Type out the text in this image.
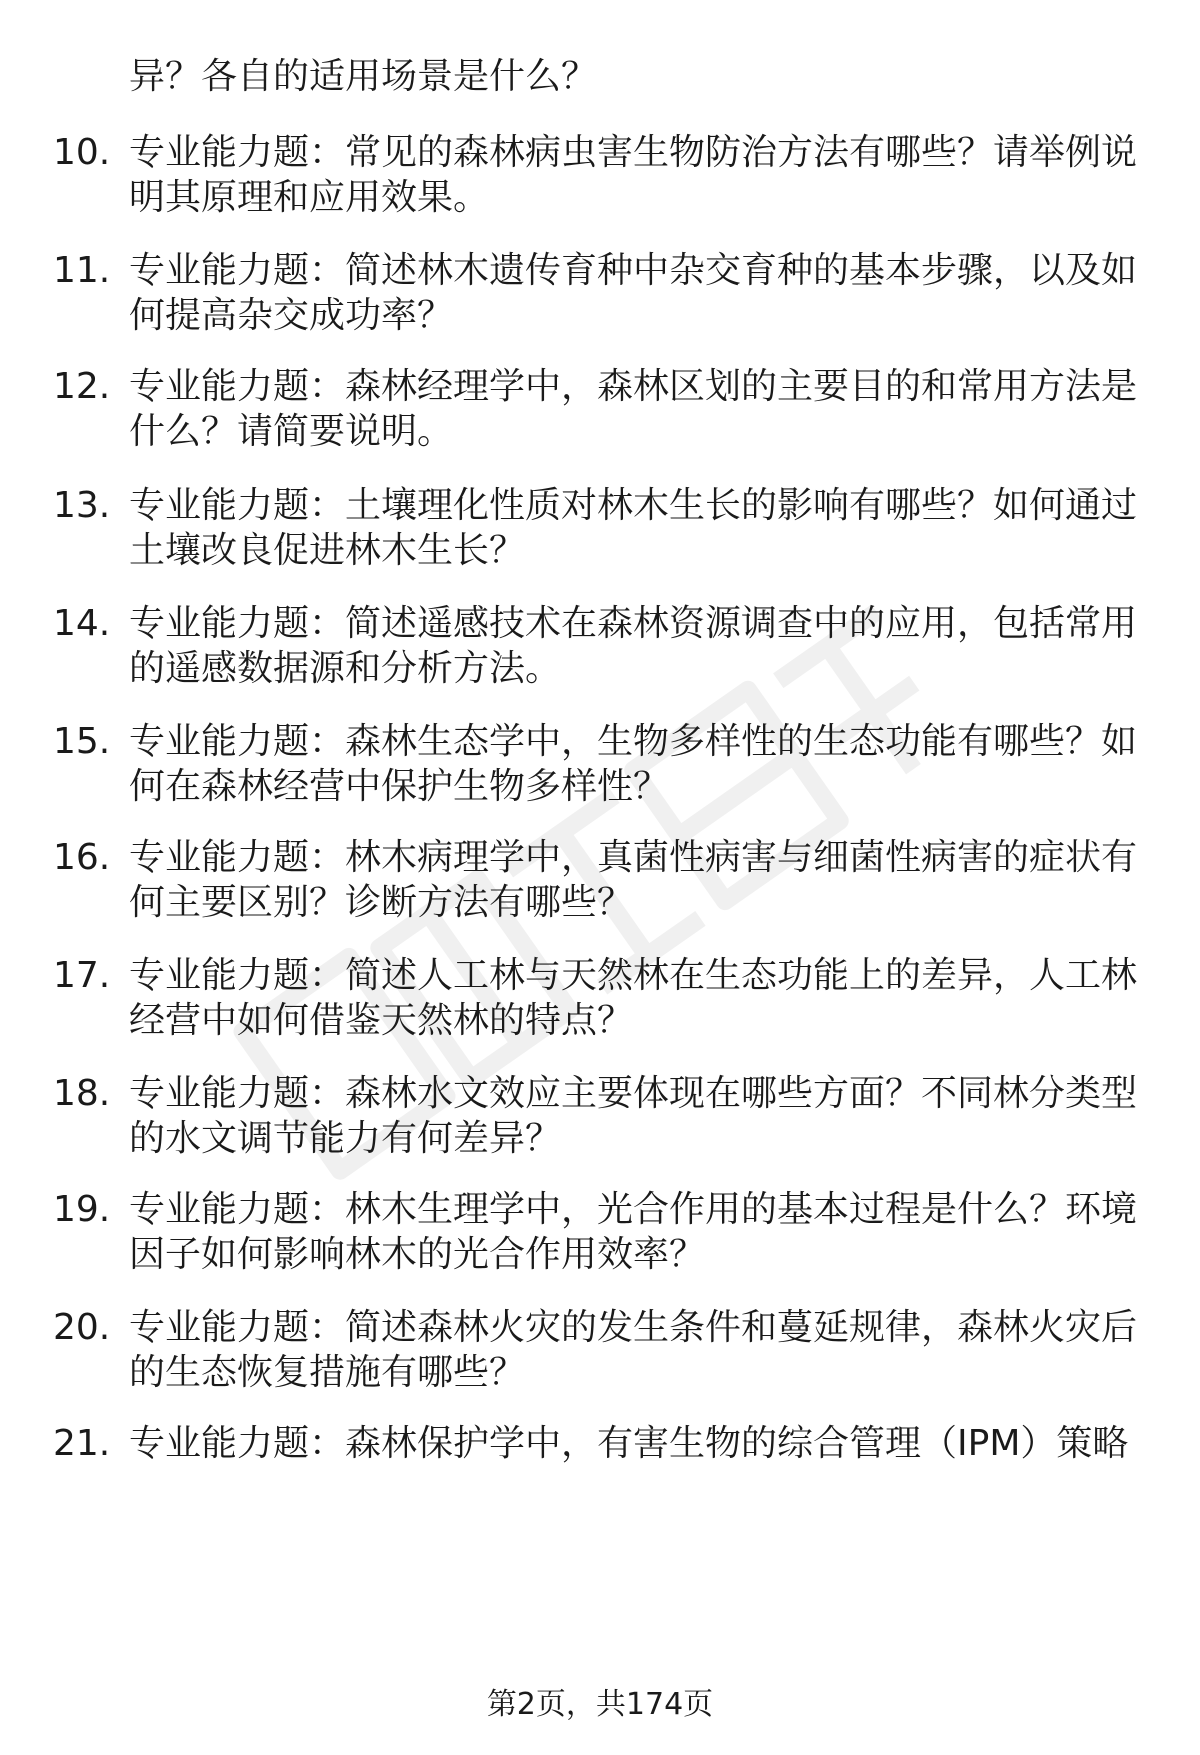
异？各自的适用场景是什么？
10. 专业能力题：常见的森林病虫害生物防治方法有哪些？请举例说
明其原理和应用效果。
11. 专业能力题：简述林木遗传育种中杂交育种的基本步骤，以及如
何提高杂交成功率？
12. 专业能力题：森林经理学中，森林区划的主要目的和常用方法是
什么？请简要说明。
13. 专业能力题：土壤理化性质对林木生长的影响有哪些？如何通过
土壤改良促进林木生长？
14. 专业能力题：简述遥感技术在森林资源调查中的应用，包括常用
的遥感数据源和分析方法。
15. 专业能力题：森林生态学中，生物多样性的生态功能有哪些？如
何在森林经营中保护生物多样性？
16. 专业能力题：林木病理学中，真菌性病害与细菌性病害的症状有
何主要区别？诊断方法有哪些？
17. 专业能力题：简述人工林与天然林在生态功能上的差异，人工林
经营中如何借鉴天然林的特点？
18. 专业能力题：森林水文效应主要体现在哪些方面？不同林分类型
的水文调节能力有何差异？
19. 专业能力题：林木生理学中，光合作用的基本过程是什么？环境
因子如何影响林木的光合作用效率？
20. 专业能力题：简述森林火灾的发生条件和蔓延规律，森林火灾后
的生态恢复措施有哪些？
21. 专业能力题：森林保护学中，有害生物的综合管理（IPM）策略
第2页，共174页
